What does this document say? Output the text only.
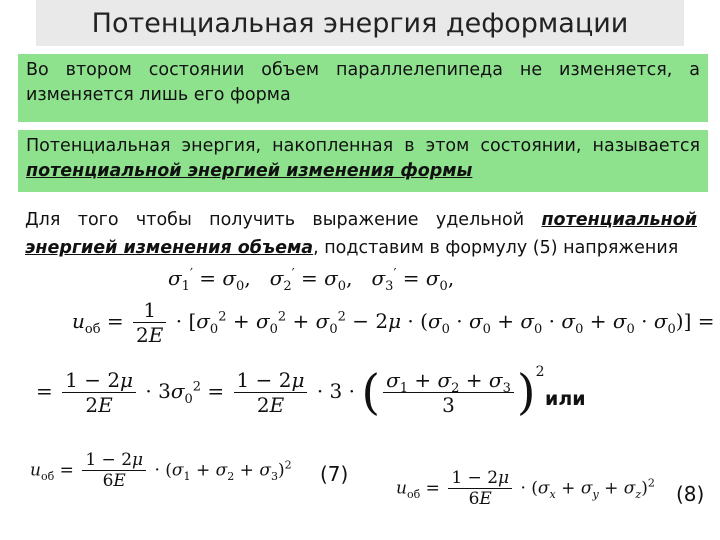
Потенциальная энергия деформации
Во втором состоянии объем параллелепипеда не изменяется, а изменяется лишь его форма
Потенциальная энергия, накопленная в этом состоянии, называется потенциальной энергией изменения формы
Для того чтобы получить выражение удельной потенциальной энергией изменения объема, подставим в формулу (5) напряжения
$\sigma_1' = \sigma_0$,   $\sigma_2' = \sigma_0$,   $\sigma_3' = \sigma_0$,
$u_{об} = \frac{1}{2E} \cdot [\sigma_0^2 + \sigma_0^2 + \sigma_0^2 - 2\mu \cdot (\sigma_0 \cdot \sigma_0 + \sigma_0 \cdot \sigma_0 + \sigma_0 \cdot \sigma_0)]$ =
= $\frac{1 - 2\mu}{2E} \cdot 3\sigma_0^2 = \frac{1 - 2\mu}{2E} \cdot 3$ · ( $\frac{\sigma_1 + \sigma_2 + \sigma_3}{3} )^2$
или
$u_{об} = \frac{1 - 2\mu}{6E} \cdot (\sigma_1 + \sigma_2 + \sigma_3)^2$ (7)
$u_{об} = \frac{1 - 2\mu}{6E} \cdot (\sigma_x + \sigma_y + \sigma_z)^2$ (8)
